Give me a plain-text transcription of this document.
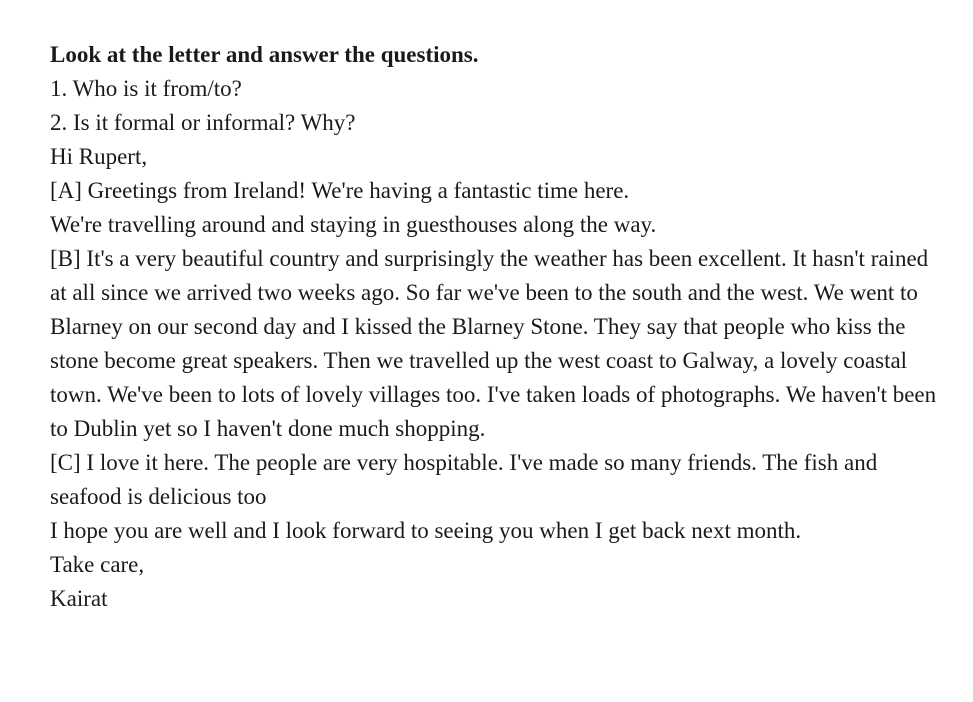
Look at the letter and answer the questions.

1. Who is it from/to?

2. Is it formal or informal? Why?

Hi Rupert,

[A] Greetings from Ireland! We're having a fantastic time here.

We're travelling around and staying in guesthouses along the way.

[B] It's a very beautiful country and surprisingly the weather has been excellent. It hasn't rained at all since we arrived two weeks ago. So far we've been to the south and the west. We went to Blarney on our second day and I kissed the Blarney Stone. They say that people who kiss the stone become great speakers. Then we travelled up the west coast to Galway, a lovely coastal town. We've been to lots of lovely villages too. I've taken loads of photographs. We haven't been to Dublin yet so I haven't done much shopping.

[C] I love it here. The people are very hospitable. I've made so many friends. The fish and seafood is delicious too

I hope you are well and I look forward to seeing you when I get back next month.

Take care,

Kairat
